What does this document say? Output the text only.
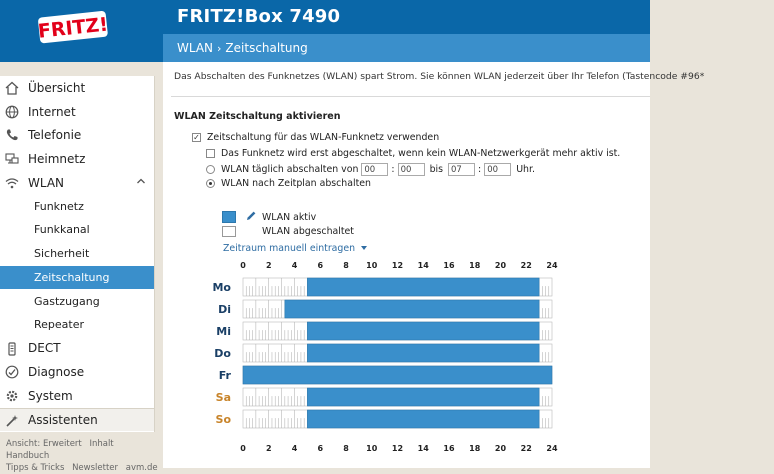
FRITZ!	FRITZ!Box 7490
WLAN › Zeitschaltung
Übersicht
Internet
Telefonie
Heimnetz
WLAN
Funknetz
Funkkanal
Sicherheit
Zeitschaltung
Gastzugang
Repeater
DECT
Diagnose
System
Assistenten
Ansicht: Erweitert Inhalt Handbuch
Tipps & Tricks Newsletter avm.de
Das Abschalten des Funknetzes (WLAN) spart Strom. Sie können WLAN jederzeit über Ihr Telefon (Tastencode #96*
WLAN Zeitschaltung aktivieren
✓ Zeitschaltung für das WLAN-Funknetz verwenden
Das Funknetz wird erst abgeschaltet, wenn kein WLAN-Netzwerkgerät mehr aktiv ist.
WLAN täglich abschalten von
00	:
00	bis
07	:
00	Uhr.
WLAN nach Zeitplan abschalten
WLAN aktiv
WLAN abgeschaltet
Zeitraum manuell eintragen
0
0
2
2
4
4
6
6
8
8
10
10
12
12
14
14
16
16
18
18
20
20
22
22
24
24
Mo
Di
Mi
Do
Fr
Sa
So
